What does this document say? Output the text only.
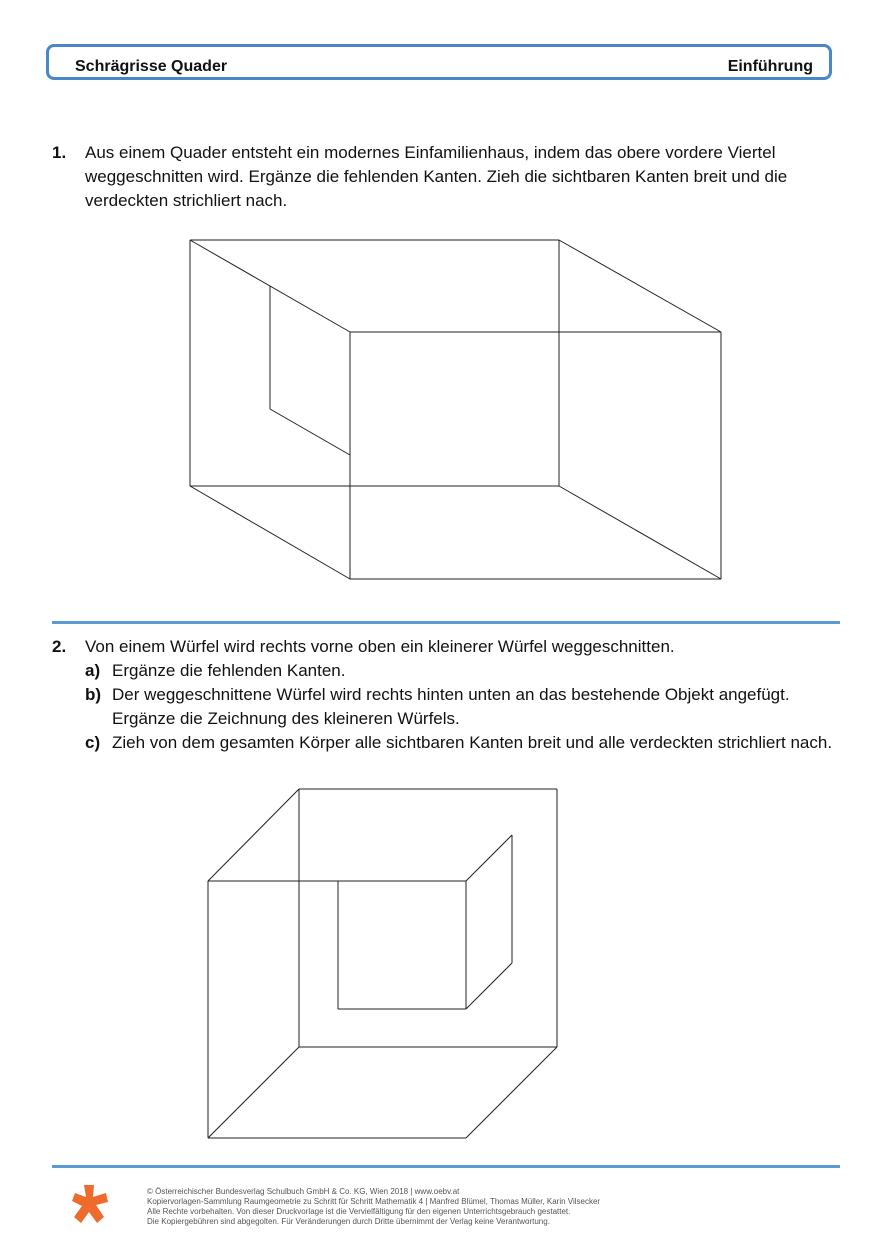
Schrägrisse Quader	Einführung
1. Aus einem Quader entsteht ein modernes Einfamilienhaus, indem das obere vordere Viertel weggeschnitten wird. Ergänze die fehlenden Kanten. Zieh die sichtbaren Kanten breit und die verdeckten strichliert nach.
2. Von einem Würfel wird rechts vorne oben ein kleinerer Würfel weggeschnitten.
a) Ergänze die fehlenden Kanten.
b) Der weggeschnittene Würfel wird rechts hinten unten an das bestehende Objekt angefügt. Ergänze die Zeichnung des kleineren Würfels.
c) Zieh von dem gesamten Körper alle sichtbaren Kanten breit und alle verdeckten strichliert nach.
© Österreichischer Bundesverlag Schulbuch GmbH & Co. KG, Wien 2018 | www.oebv.at
Kopiervorlagen-Sammlung Raumgeometrie zu Schritt für Schritt Mathematik 4 | Manfred Blümel, Thomas Müller, Karin Vilsecker
Alle Rechte vorbehalten. Von dieser Druckvorlage ist die Vervielfältigung für den eigenen Unterrichtsgebrauch gestattet.
Die Kopiergebühren sind abgegolten. Für Veränderungen durch Dritte übernimmt der Verlag keine Verantwortung.
